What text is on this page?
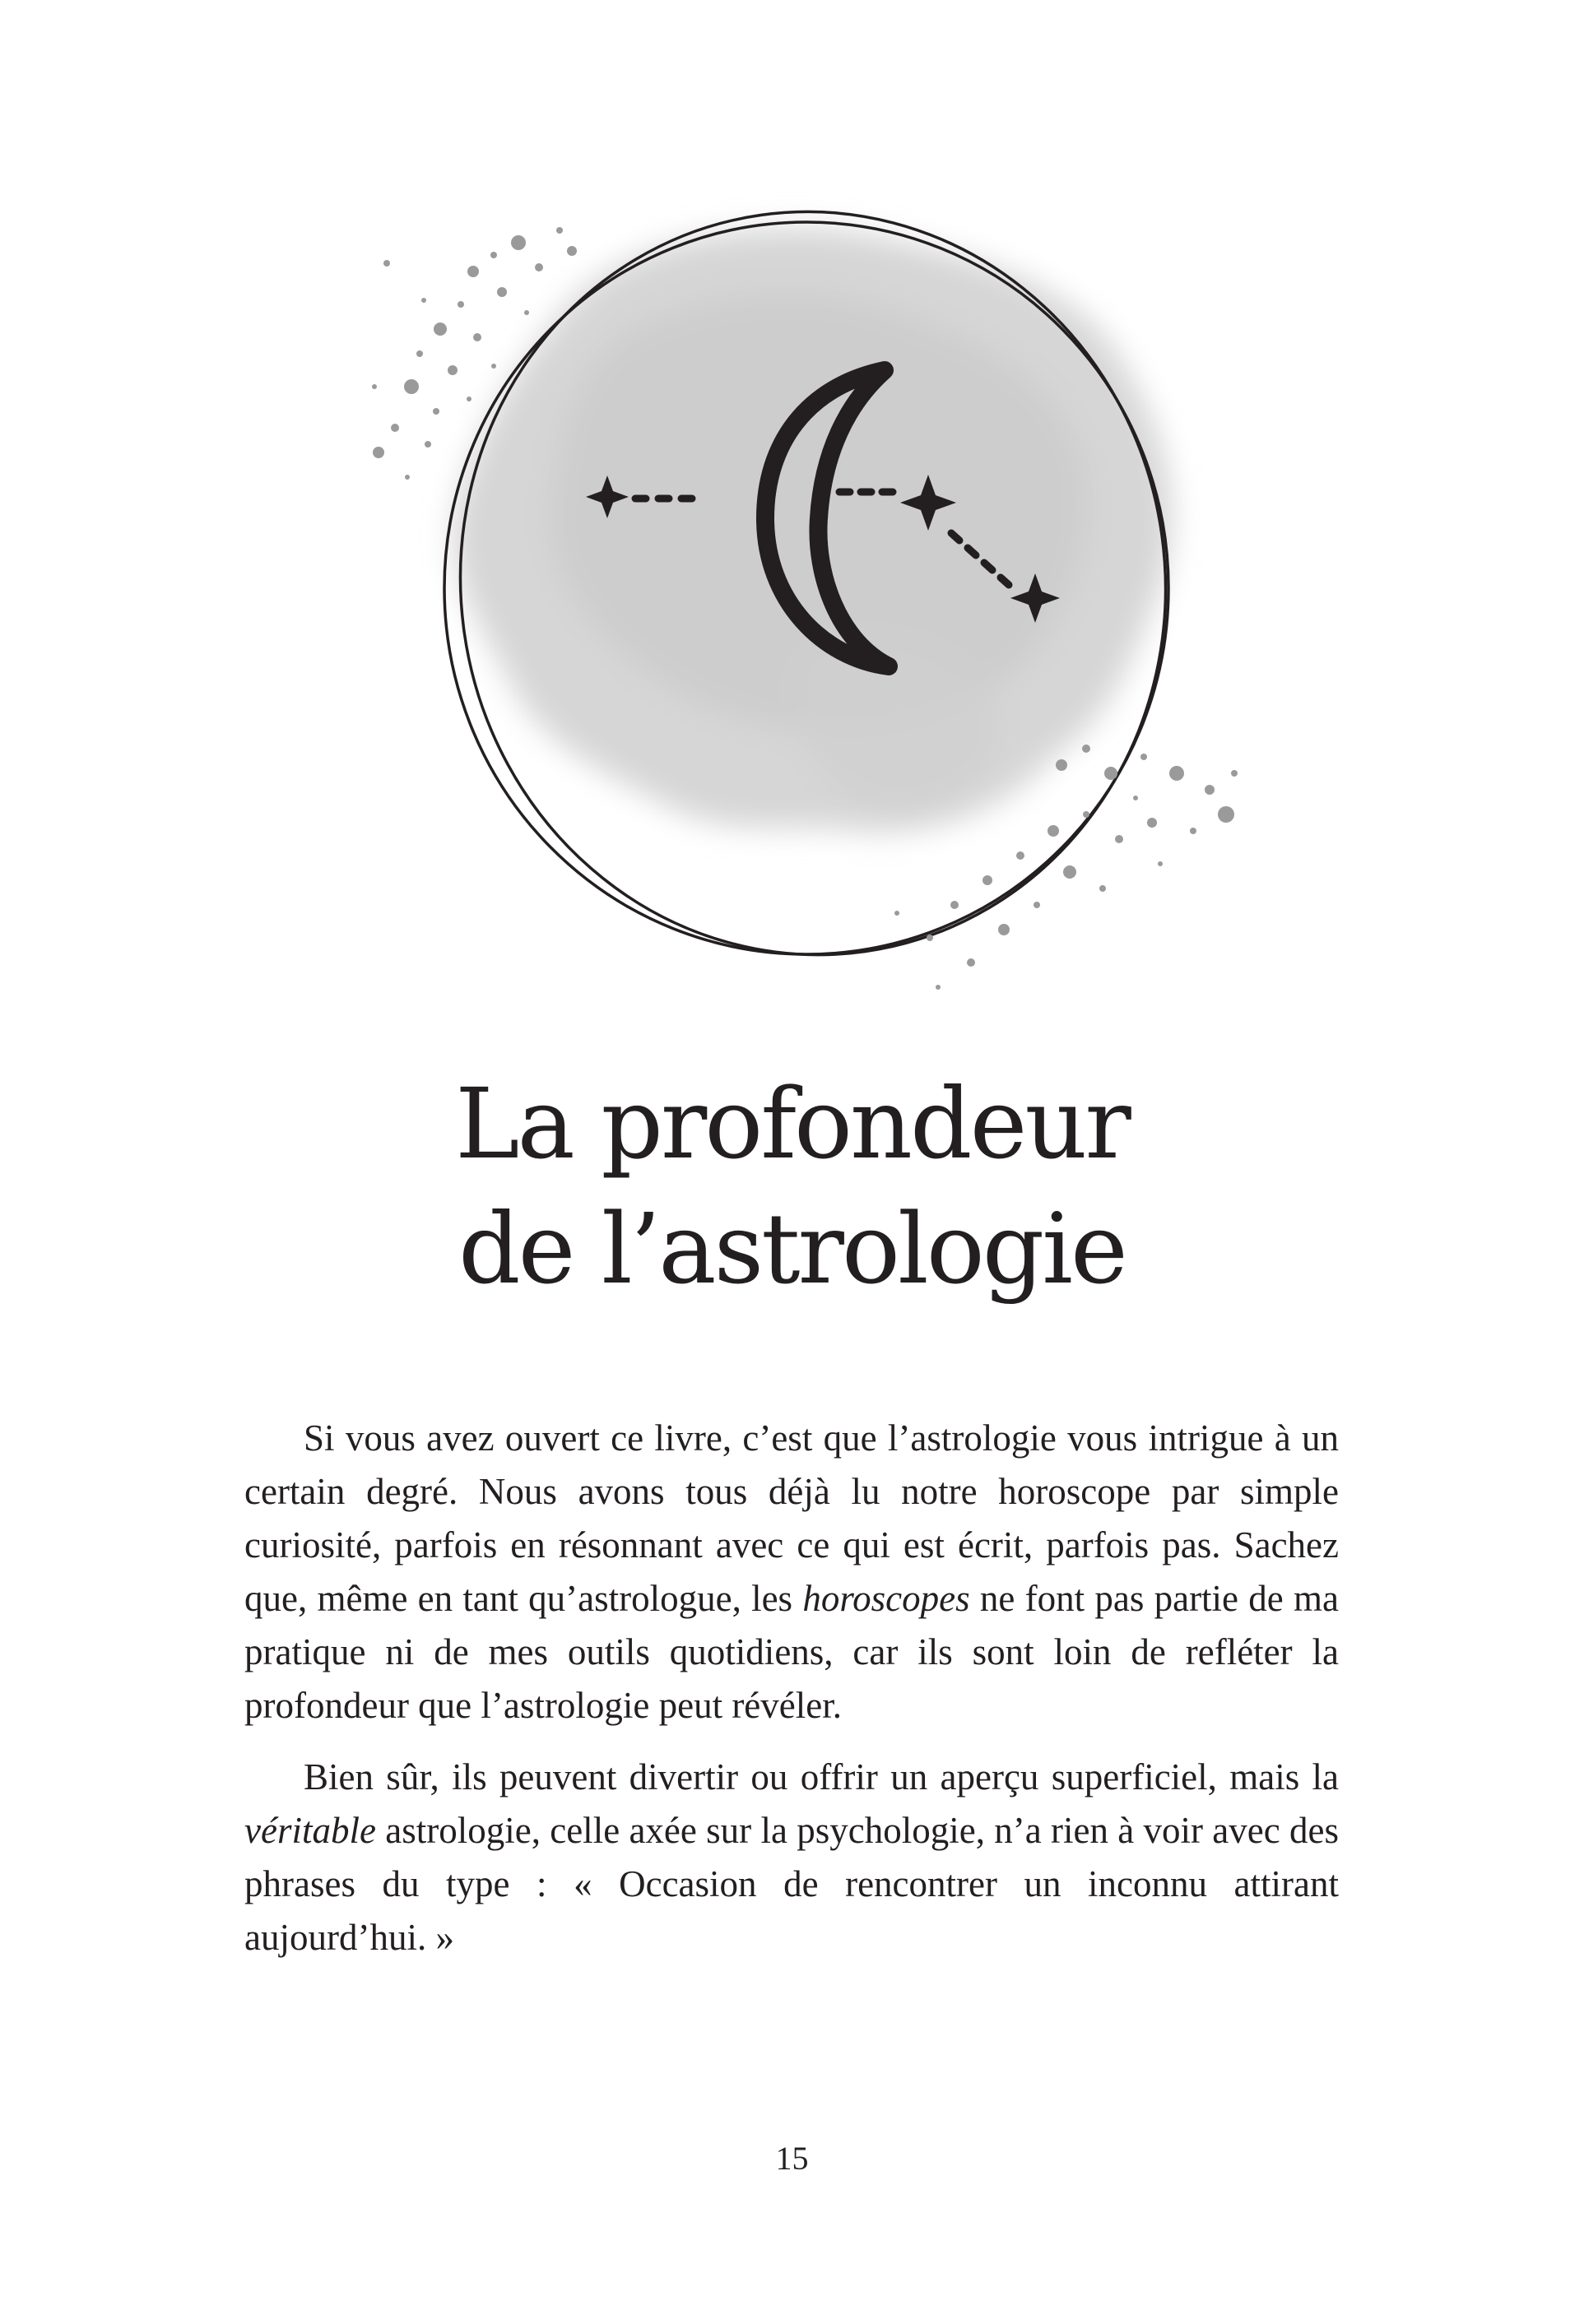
La profondeur
de l’astrologie

Si vous avez ouvert ce livre, c’est que l’astrologie vous intrigue à un certain degré. Nous avons tous déjà lu notre horoscope par simple curiosité, parfois en résonnant avec ce qui est écrit, parfois pas. Sachez que, même en tant qu’astrologue, les horoscopes ne font pas partie de ma pratique ni de mes outils quotidiens, car ils sont loin de refléter la profondeur que l’astrologie peut révéler.

Bien sûr, ils peuvent divertir ou offrir un aperçu superficiel, mais la véritable astrologie, celle axée sur la psychologie, n’a rien à voir avec des phrases du type : « Occasion de rencontrer un inconnu attirant aujourd’hui. »

15
